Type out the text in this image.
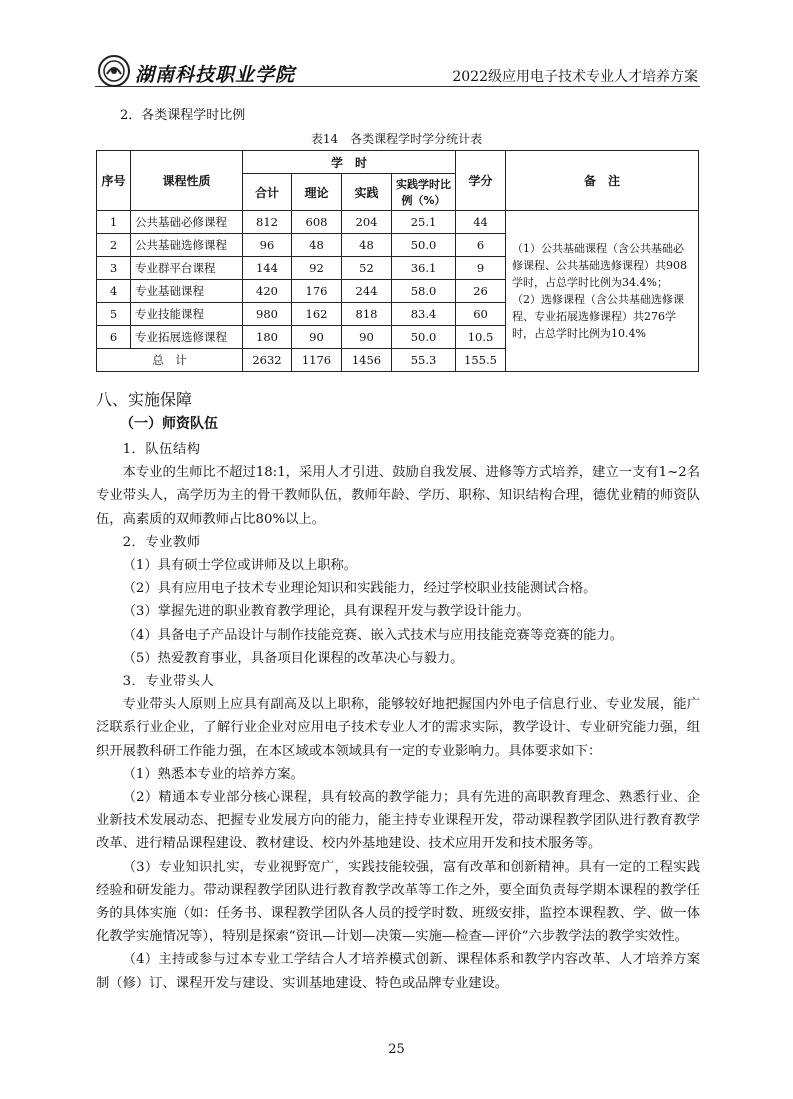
湖南科技职业学院	2022级应用电子技术专业人才培养方案
2．各类课程学时比例
表14　各类课程学时学分统计表
序号	课程性质	学　时				学分	备　注
		合计	理论	实践	实践学时比例（%）		
1	公共基础必修课程	812	608	204	25.1	44	（1）公共基础课程（含公共基础必修课程、公共基础选修课程）共908学时，占总学时比例为34.4%；
（2）选修课程（含公共基础选修课程、专业拓展选修课程）共276学时，占总学时比例为10.4%

2	公共基础选修课程	96	48	48	50.0	6	
3	专业群平台课程	144	92	52	36.1	9	
4	专业基础课程	420	176	244	58.0	26	
5	专业技能课程	980	162	818	83.4	60	
6	专业拓展选修课程	180	90	90	50.0	10.5	
总　计		2632	1176	1456	55.3	155.5	
八、实施保障
（一）师资队伍

1．队伍结构

本专业的生师比不超过18:1，采用人才引进、鼓励自我发展、进修等方式培养，建立一支有1~2名专业带头人，高学历为主的骨干教师队伍，教师年龄、学历、职称、知识结构合理，德优业精的师资队伍，高素质的双师教师占比80%以上。

2．专业教师

（1）具有硕士学位或讲师及以上职称。

（2）具有应用电子技术专业理论知识和实践能力，经过学校职业技能测试合格。

（3）掌握先进的职业教育教学理论，具有课程开发与教学设计能力。

（4）具备电子产品设计与制作技能竞赛、嵌入式技术与应用技能竞赛等竞赛的能力。

（5）热爱教育事业，具备项目化课程的改革决心与毅力。

3．专业带头人

专业带头人原则上应具有副高及以上职称，能够较好地把握国内外电子信息行业、专业发展，能广泛联系行业企业，了解行业企业对应用电子技术专业人才的需求实际，教学设计、专业研究能力强，组织开展教科研工作能力强，在本区域或本领域具有一定的专业影响力。具体要求如下：

（1）熟悉本专业的培养方案。

（2）精通本专业部分核心课程，具有较高的教学能力；具有先进的高职教育理念、熟悉行业、企业新技术发展动态、把握专业发展方向的能力，能主持专业课程开发，带动课程教学团队进行教育教学改革、进行精品课程建设、教材建设、校内外基地建设、技术应用开发和技术服务等。

（3）专业知识扎实，专业视野宽广，实践技能较强，富有改革和创新精神。具有一定的工程实践经验和研发能力。带动课程教学团队进行教育教学改革等工作之外，要全面负责每学期本课程的教学任务的具体实施（如：任务书、课程教学团队各人员的授学时数、班级安排，监控本课程教、学、做一体化教学实施情况等），特别是探索“资讯—计划—决策—实施—检查—评价”六步教学法的教学实效性。

（4）主持或参与过本专业工学结合人才培养模式创新、课程体系和教学内容改革、人才培养方案制（修）订、课程开发与建设、实训基地建设、特色或品牌专业建设。

25
